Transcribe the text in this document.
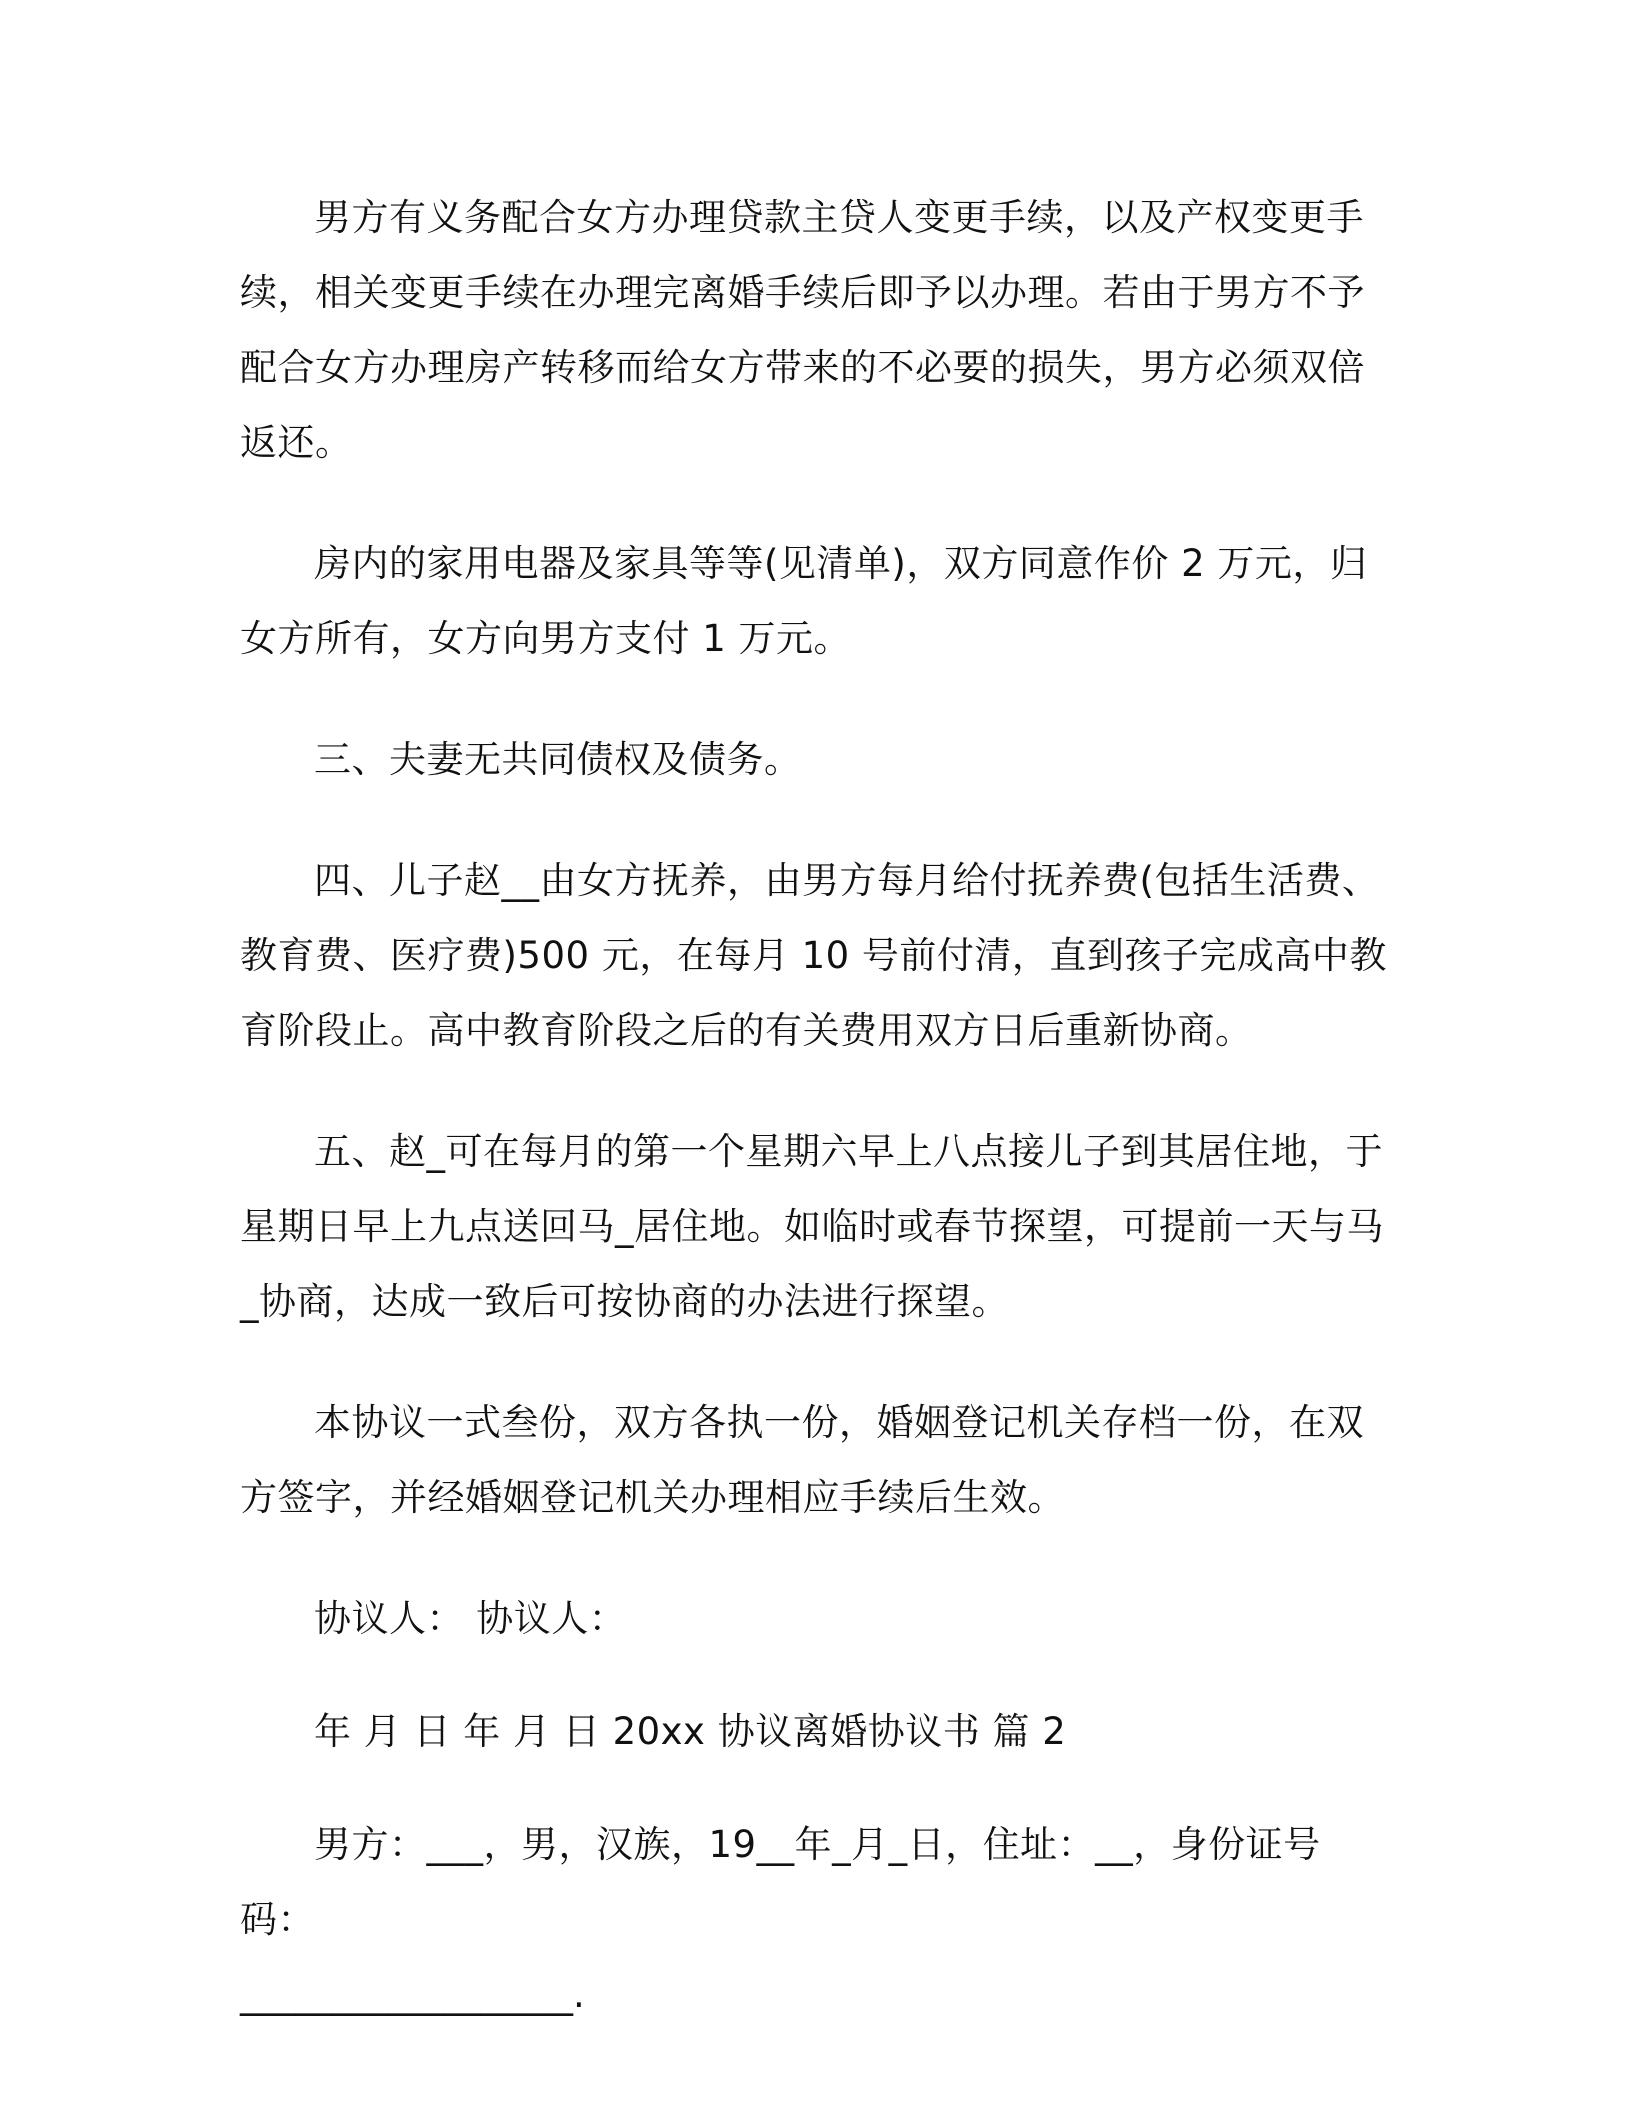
男方有义务配合女方办理贷款主贷人变更手续，以及产权变更手续，相关变更手续在办理完离婚手续后即予以办理。若由于男方不予配合女方办理房产转移而给女方带来的不必要的损失，男方必须双倍返还。

房内的家用电器及家具等等(见清单)，双方同意作价 2 万元，归女方所有，女方向男方支付 1 万元。

三、夫妻无共同债权及债务。

四、儿子赵__由女方抚养，由男方每月给付抚养费(包括生活费、教育费、医疗费)500 元，在每月 10 号前付清，直到孩子完成高中教育阶段止。高中教育阶段之后的有关费用双方日后重新协商。

五、赵_可在每月的第一个星期六早上八点接儿子到其居住地，于星期日早上九点送回马_居住地。如临时或春节探望，可提前一天与马_协商，达成一致后可按协商的办法进行探望。

本协议一式叁份，双方各执一份，婚姻登记机关存档一份，在双方签字，并经婚姻登记机关办理相应手续后生效。

协议人： 协议人：

年 月 日 年 月 日 20xx 协议离婚协议书 篇 2

男方：___，男，汉族，19__年_月_日，住址：__，身份证号码：

__________________.
